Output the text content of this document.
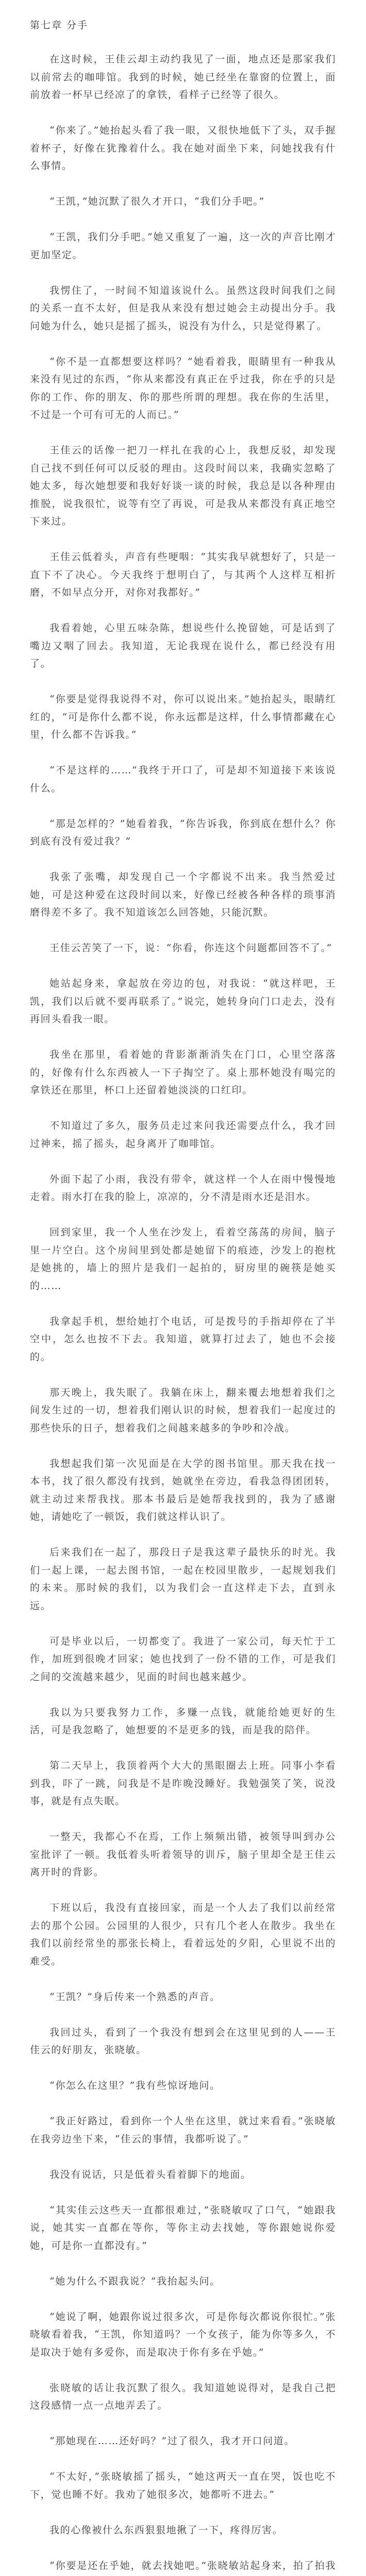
第七章 分手

在这时候，王佳云却主动约我见了一面，地点还是那家我们以前常去的咖啡馆。我到的时候，她已经坐在靠窗的位置上，面前放着一杯早已经凉了的拿铁，看样子已经等了很久。

“你来了。”她抬起头看了我一眼，又很快地低下了头，双手握着杯子，好像在犹豫着什么。我在她对面坐下来，问她找我有什么事情。

“王凯，”她沉默了很久才开口，“我们分手吧。”

“王凯，我们分手吧。”她又重复了一遍，这一次的声音比刚才更加坚定。

我愣住了，一时间不知道该说什么。虽然这段时间我们之间的关系一直不太好，但是我从来没有想过她会主动提出分手。我问她为什么，她只是摇了摇头，说没有为什么，只是觉得累了。

“你不是一直都想要这样吗？”她看着我，眼睛里有一种我从来没有见过的东西，“你从来都没有真正在乎过我，你在乎的只是你的工作、你的朋友、你的那些所谓的理想。我在你的生活里，不过是一个可有可无的人而已。”

王佳云的话像一把刀一样扎在我的心上，我想反驳，却发现自己找不到任何可以反驳的理由。这段时间以来，我确实忽略了她太多，每次她想要和我好好谈一谈的时候，我总是以各种理由推脱，说我很忙，说等有空了再说，可是我从来都没有真正地空下来过。

王佳云低着头，声音有些哽咽：“其实我早就想好了，只是一直下不了决心。今天我终于想明白了，与其两个人这样互相折磨，不如早点分开，对你对我都好。”

我看着她，心里五味杂陈，想说些什么挽留她，可是话到了嘴边又咽了回去。我知道，无论我现在说什么，都已经没有用了。

“你要是觉得我说得不对，你可以说出来。”她抬起头，眼睛红红的，“可是你什么都不说，你永远都是这样，什么事情都藏在心里，什么都不告诉我。”

“不是这样的……”我终于开口了，可是却不知道接下来该说什么。

“那是怎样的？”她看着我，“你告诉我，你到底在想什么？你到底有没有爱过我？”

我张了张嘴，却发现自己一个字都说不出来。我当然爱过她，可是这种爱在这段时间以来，好像已经被各种各样的琐事消磨得差不多了。我不知道该怎么回答她，只能沉默。

王佳云苦笑了一下，说：“你看，你连这个问题都回答不了。”

她站起身来，拿起放在旁边的包，对我说：“就这样吧，王凯，我们以后就不要再联系了。”说完，她转身向门口走去，没有再回头看我一眼。

我坐在那里，看着她的背影渐渐消失在门口，心里空落落的，好像有什么东西被人一下子掏空了。桌上那杯她没有喝完的拿铁还在那里，杯口上还留着她淡淡的口红印。

不知道过了多久，服务员走过来问我还需要点什么，我才回过神来，摇了摇头，起身离开了咖啡馆。

外面下起了小雨，我没有带伞，就这样一个人在雨中慢慢地走着。雨水打在我的脸上，凉凉的，分不清是雨水还是泪水。

回到家里，我一个人坐在沙发上，看着空荡荡的房间，脑子里一片空白。这个房间里到处都是她留下的痕迹，沙发上的抱枕是她挑的，墙上的照片是我们一起拍的，厨房里的碗筷是她买的……

我拿起手机，想给她打个电话，可是拨号的手指却停在了半空中，怎么也按不下去。我知道，就算打过去了，她也不会接的。

那天晚上，我失眠了。我躺在床上，翻来覆去地想着我们之间发生过的一切，想着我们刚认识的时候，想着我们一起度过的那些快乐的日子，想着我们之间越来越多的争吵和冷战。

我想起我们第一次见面是在大学的图书馆里。那天我在找一本书，找了很久都没有找到，她就坐在旁边，看我急得团团转，就主动过来帮我找。那本书最后是她帮我找到的，我为了感谢她，请她吃了一顿饭，我们就这样认识了。

后来我们在一起了，那段日子是我这辈子最快乐的时光。我们一起上课，一起去图书馆，一起在校园里散步，一起规划我们的未来。那时候的我们，以为我们会一直这样走下去，直到永远。

可是毕业以后，一切都变了。我进了一家公司，每天忙于工作，加班到很晚才回家；她也找到了一份不错的工作，可是我们之间的交流越来越少，见面的时间也越来越少。

我以为只要我努力工作，多赚一点钱，就能给她更好的生活，可是我忽略了，她想要的不是更多的钱，而是我的陪伴。

第二天早上，我顶着两个大大的黑眼圈去上班。同事小李看到我，吓了一跳，问我是不是昨晚没睡好。我勉强笑了笑，说没事，就是有点失眠。

一整天，我都心不在焉，工作上频频出错，被领导叫到办公室批评了一顿。我低着头听着领导的训斥，脑子里却全是王佳云离开时的背影。

下班以后，我没有直接回家，而是一个人去了我们以前经常去的那个公园。公园里的人很少，只有几个老人在散步。我坐在我们以前经常坐的那张长椅上，看着远处的夕阳，心里说不出的难受。

“王凯？”身后传来一个熟悉的声音。

我回过头，看到了一个我没有想到会在这里见到的人——王佳云的好朋友，张晓敏。

“你怎么在这里？”我有些惊讶地问。

“我正好路过，看到你一个人坐在这里，就过来看看。”张晓敏在我旁边坐下来，“佳云的事情，我都听说了。”

我没有说话，只是低着头看着脚下的地面。

“其实佳云这些天一直都很难过，”张晓敏叹了口气，“她跟我说，她其实一直都在等你，等你主动去找她，等你跟她说你爱她，可是你一直都没有。”

“她为什么不跟我说？”我抬起头问。

“她说了啊，她跟你说过很多次，可是你每次都说你很忙。”张晓敏看着我，“王凯，你知道吗？一个女孩子，能为你等多久，不是取决于她有多爱你，而是取决于你有多在乎她。”

张晓敏的话让我沉默了很久。我知道她说得对，是我自己把这段感情一点一点地弄丢了。

“那她现在……还好吗？”过了很久，我才开口问道。

“不太好，”张晓敏摇了摇头，“她这两天一直在哭，饭也吃不下，觉也睡不好。我劝了她很多次，她都听不进去。”

我的心像被什么东西狠狠地揪了一下，疼得厉害。

“你要是还在乎她，就去找她吧。”张晓敏站起身来，拍了拍我
